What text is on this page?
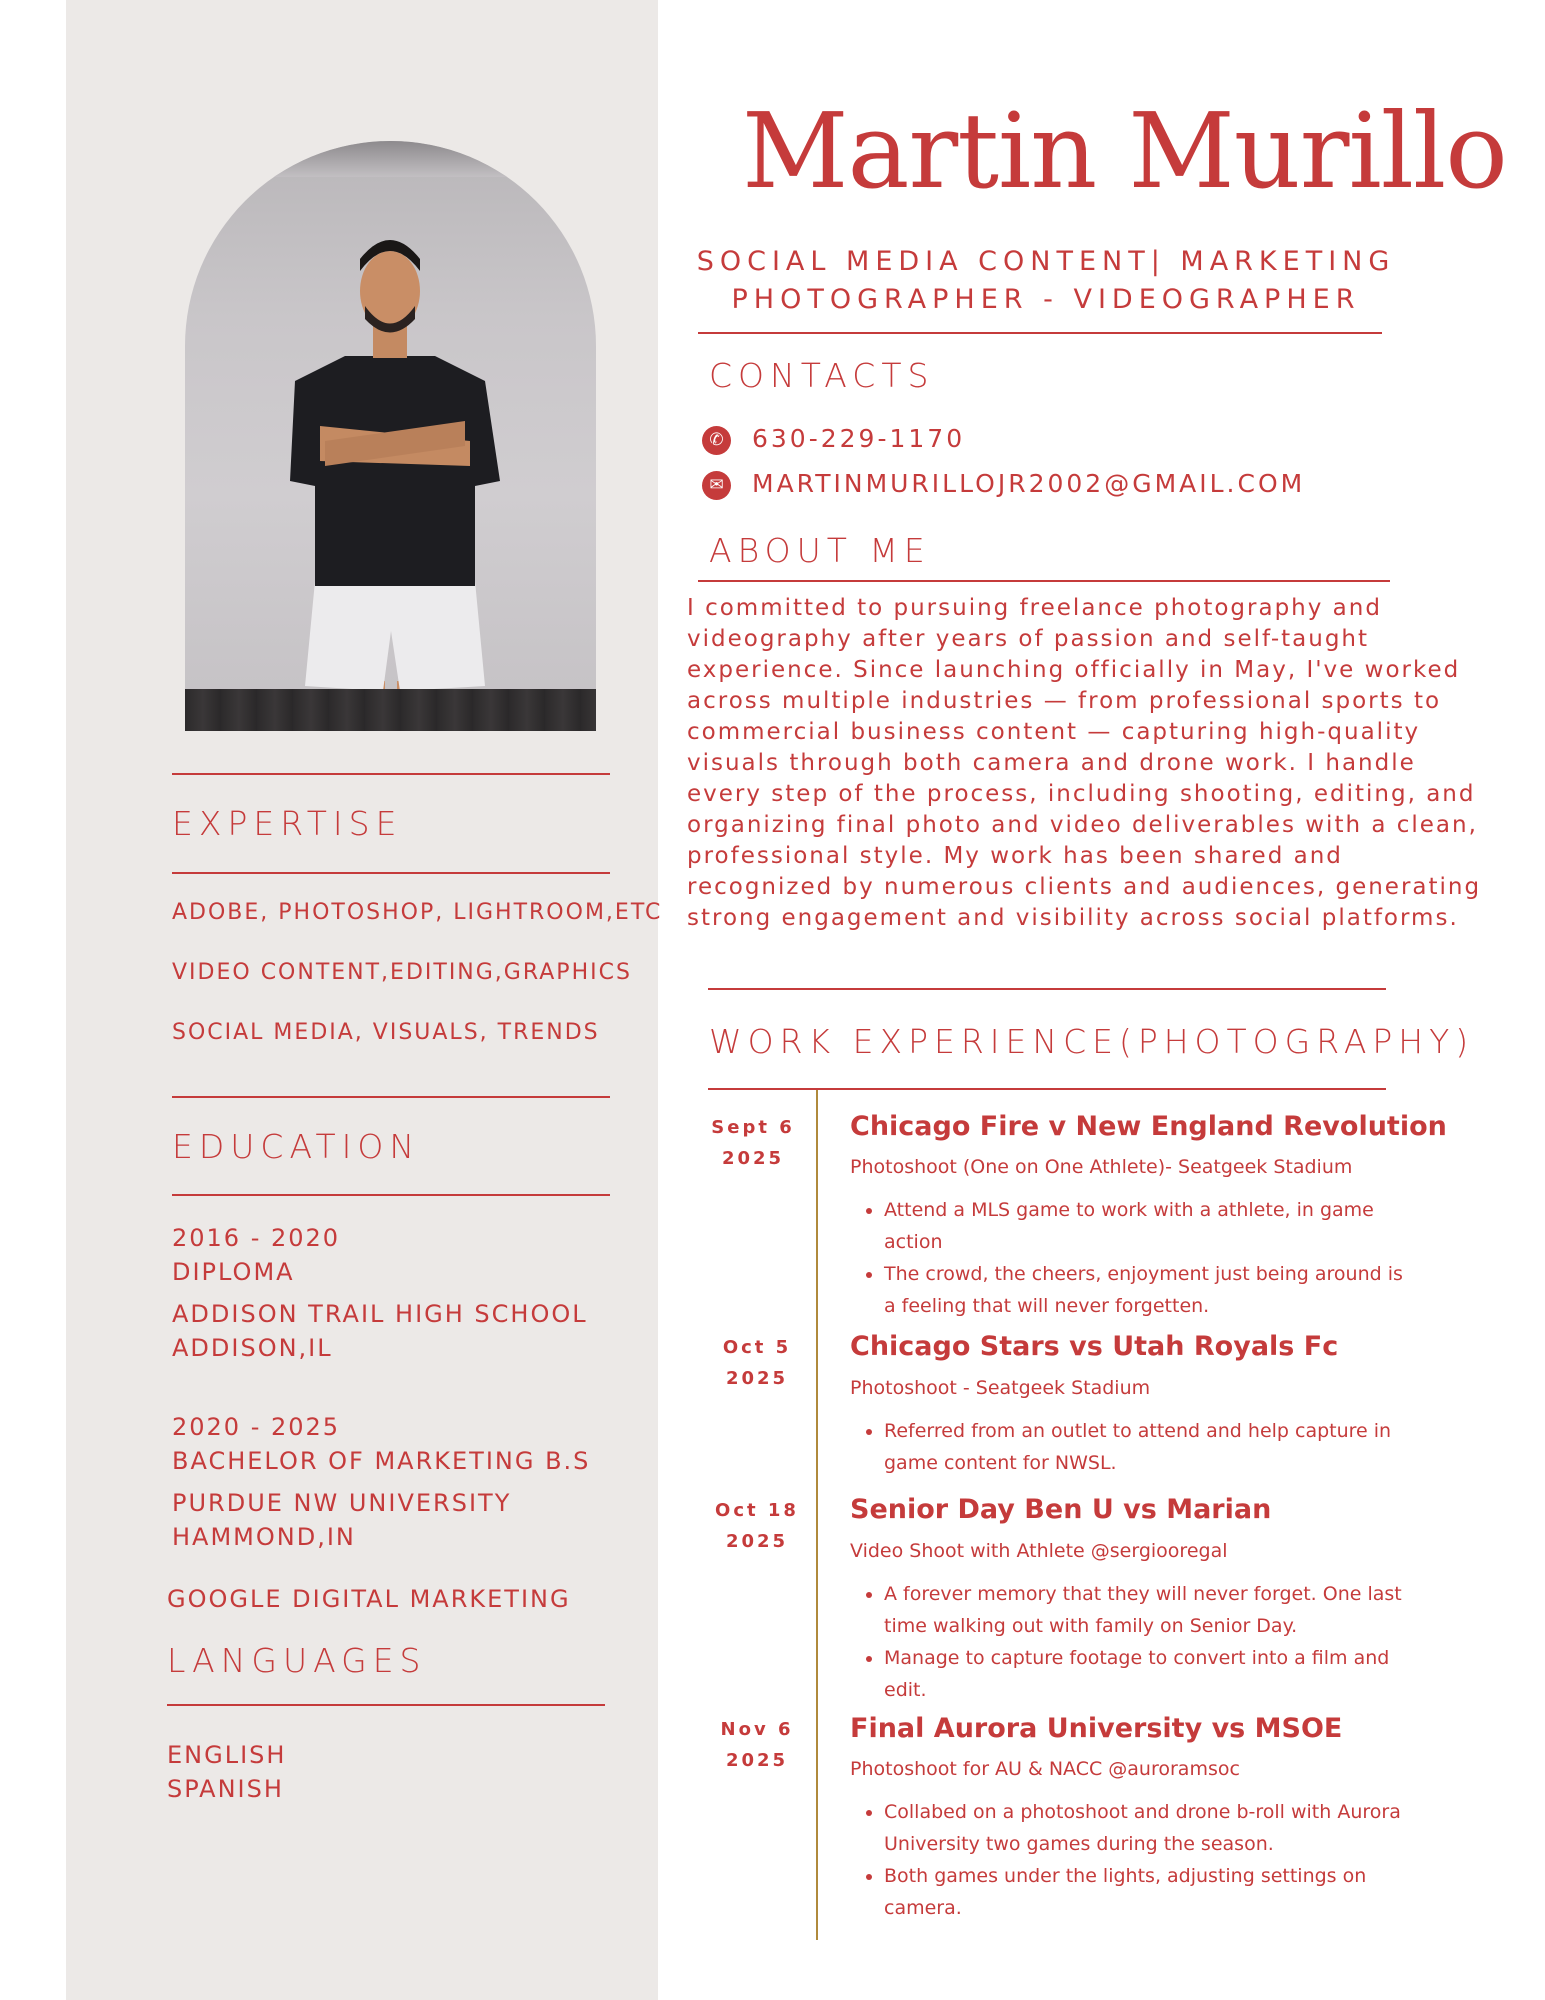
EXPERTISE
ADOBE, PHOTOSHOP, LIGHTROOM,ETC
VIDEO CONTENT,EDITING,GRAPHICS
SOCIAL MEDIA, VISUALS, TRENDS
EDUCATION
2016 - 2020
DIPLOMA
ADDISON TRAIL HIGH SCHOOL
ADDISON,IL
2020 - 2025
BACHELOR OF MARKETING B.S
PURDUE NW UNIVERSITY
HAMMOND,IN
GOOGLE DIGITAL MARKETING
LANGUAGES
ENGLISH
SPANISH
Martin Murillo
SOCIAL MEDIA CONTENT| MARKETING
PHOTOGRAPHER - VIDEOGRAPHER
CONTACTS
✆ 630-229-1170
✉ MARTINMURILLOJR2002@GMAIL.COM
ABOUT ME
I committed to pursuing freelance photography and videography after years of passion and self-taught experience. Since launching officially in May, I've worked across multiple industries — from professional sports to commercial business content — capturing high-quality visuals through both camera and drone work. I handle every step of the process, including shooting, editing, and organizing final photo and video deliverables with a clean, professional style. My work has been shared and recognized by numerous clients and audiences, generating strong engagement and visibility across social platforms.
WORK EXPERIENCE(PHOTOGRAPHY)
Sept 6
2025
Chicago Fire v New England Revolution
Photoshoot (One on One Athlete)- Seatgeek Stadium
• Attend a MLS game to work with a athlete, in game action
• The crowd, the cheers, enjoyment just being around is a feeling that will never forgetten.
Oct 5
2025
Chicago Stars vs Utah Royals Fc
Photoshoot - Seatgeek Stadium
• Referred from an outlet to attend and help capture in game content for NWSL.
Oct 18
2025
Senior Day Ben U vs Marian
Video Shoot with Athlete @sergiooregal
• A forever memory that they will never forget. One last time walking out with family on Senior Day.
• Manage to capture footage to convert into a film and edit.
Nov 6
2025
Final Aurora University vs MSOE
Photoshoot for AU & NACC @auroramsoc
• Collabed on a photoshoot and drone b-roll with Aurora University two games during the season.
• Both games under the lights, adjusting settings on camera.
